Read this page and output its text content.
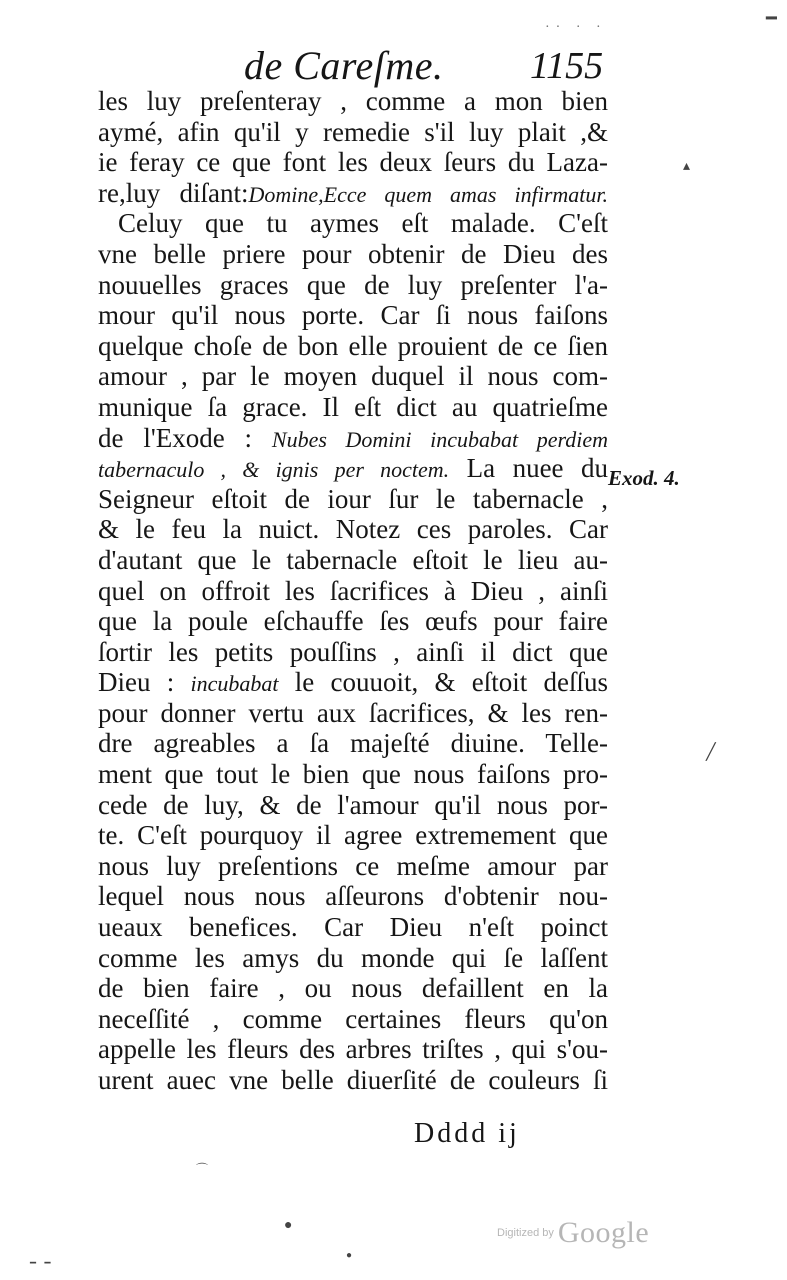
·· · ·
de Careſme. 1155
les luy preſenteray , comme a mon bien
aymé, afin qu'il y remedie s'il luy plait ,&
ie feray ce que font les deux ſeurs du Laza-
re,luy diſant:Domine,Ecce quem amas infirmatur.
Celuy que tu aymes eſt malade. C'eſt
vne belle priere pour obtenir de Dieu des
nouuelles graces que de luy preſenter l'a-
mour qu'il nous porte. Car ſi nous faiſons
quelque choſe de bon elle prouient de ce ſien
amour , par le moyen duquel il nous com-
munique ſa grace. Il eſt dict au quatrieſme
de l'Exode : Nubes Domini incubabat perdiem
tabernaculo , & ignis per noctem. La nuee du
Seigneur eſtoit de iour ſur le tabernacle ,
& le feu la nuict. Notez ces paroles. Car
d'autant que le tabernacle eſtoit le lieu au-
quel on offroit les ſacrifices à Dieu , ainſi
que la poule eſchauffe ſes œufs pour faire
ſortir les petits pouſſins , ainſi il dict que
Dieu : incubabat le couuoit, & eſtoit deſſus
pour donner vertu aux ſacrifices, & les ren-
dre agreables a ſa majeſté diuine. Telle-
ment que tout le bien que nous faiſons pro-
cede de luy, & de l'amour qu'il nous por-
te. C'eſt pourquoy il agree extremement que
nous luy preſentions ce meſme amour par
lequel nous nous aſſeurons d'obtenir nou-
ueaux benefices. Car Dieu n'eſt poinct
comme les amys du monde qui ſe laſſent
de bien faire , ou nous defaillent en la
neceſſité , comme certaines fleurs qu'on
appelle les fleurs des arbres triſtes , qui s'ou-
urent auec vne belle diuerſité de couleurs ſi
Exod. 4.
Dddd ij
▴
╱
━
●
●
⌒
━ ━
Digitized by Google
